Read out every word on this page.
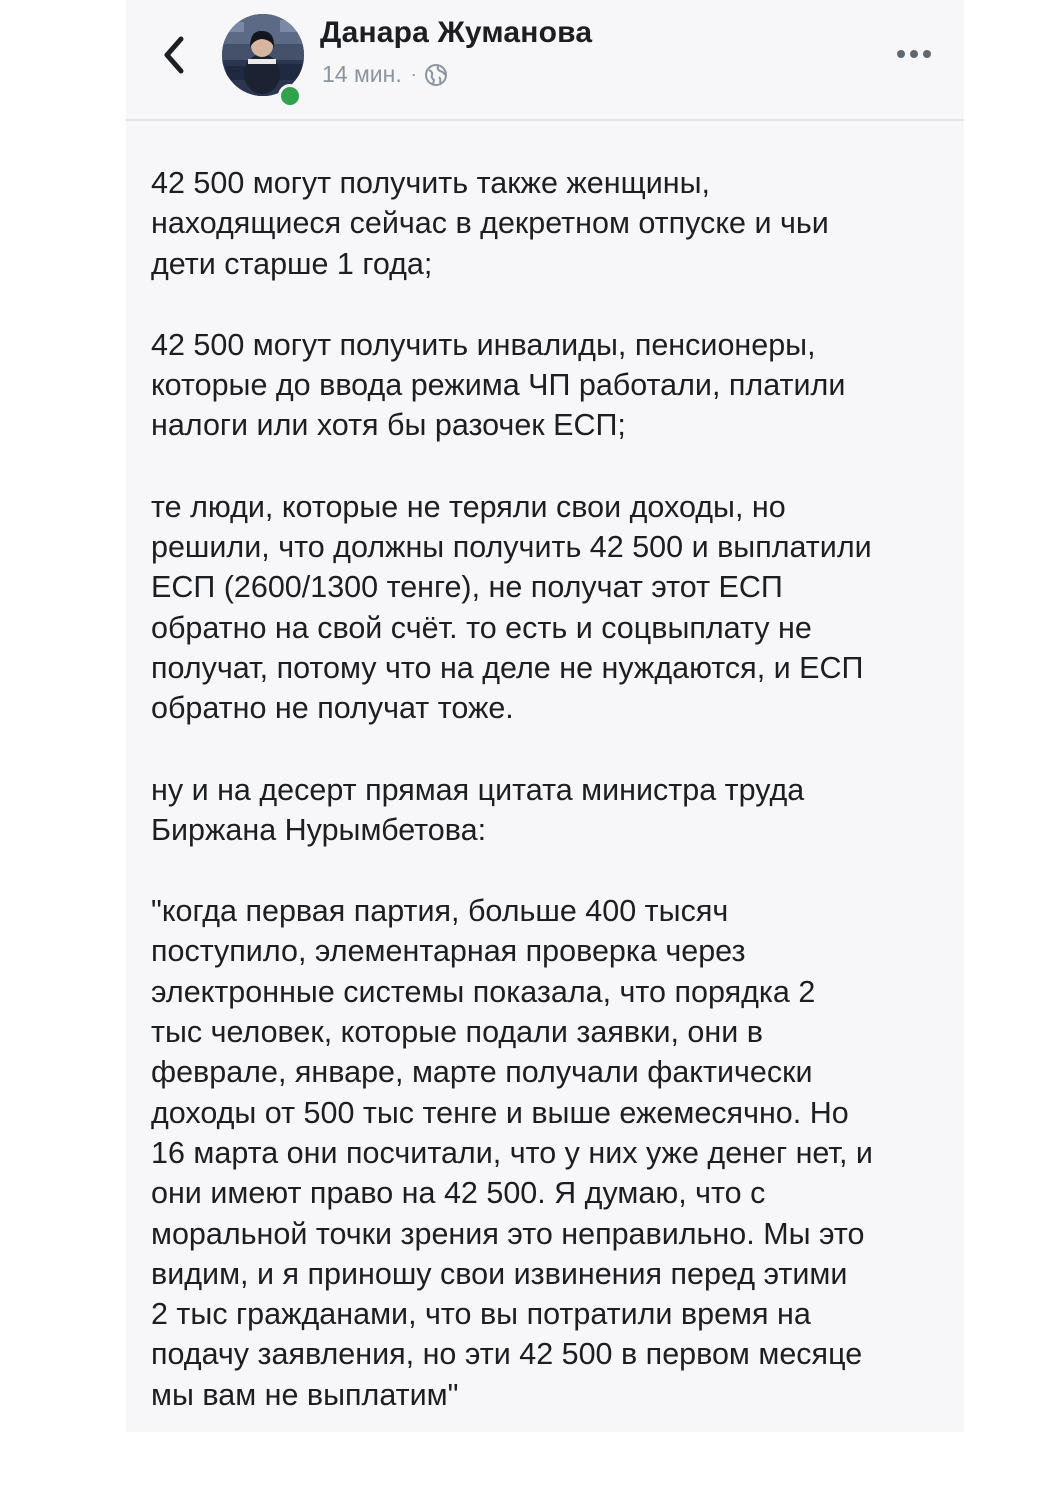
Данара Жуманова
14 мин. ·

42 500 могут получить также женщины,
находящиеся сейчас в декретном отпуске и чьи
дети старше 1 года;

42 500 могут получить инвалиды, пенсионеры,
которые до ввода режима ЧП работали, платили
налоги или хотя бы разочек ЕСП;

те люди, которые не теряли свои доходы, но
решили, что должны получить 42 500 и выплатили
ЕСП (2600/1300 тенге), не получат этот ЕСП
обратно на свой счёт. то есть и соцвыплату не
получат, потому что на деле не нуждаются, и ЕСП
обратно не получат тоже.

ну и на десерт прямая цитата министра труда
Биржана Нурымбетова:

"когда первая партия, больше 400 тысяч
поступило, элементарная проверка через
электронные системы показала, что порядка 2
тыс человек, которые подали заявки, они в
феврале, январе, марте получали фактически
доходы от 500 тыс тенге и выше ежемесячно. Но
16 марта они посчитали, что у них уже денег нет, и
они имеют право на 42 500. Я думаю, что с
моральной точки зрения это неправильно. Мы это
видим, и я приношу свои извинения перед этими
2 тыс гражданами, что вы потратили время на
подачу заявления, но эти 42 500 в первом месяце
мы вам не выплатим"
